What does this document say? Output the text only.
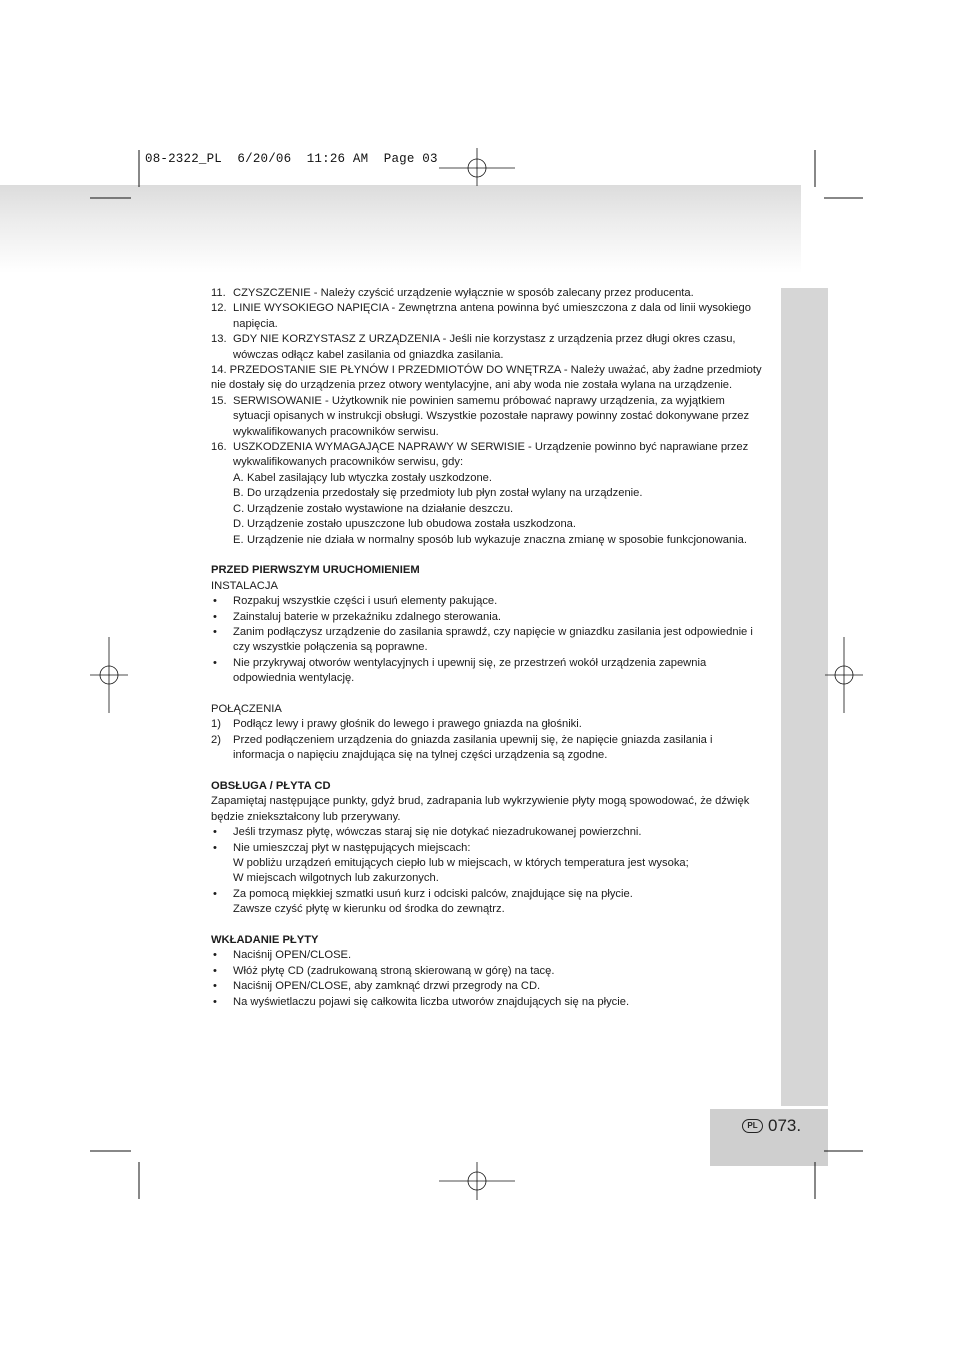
08-2322_PL  6/20/06  11:26 AM  Page 03
PL 073.
11. CZYSZCZENIE - Należy czyścić urządzenie wyłącznie w sposób zalecany przez producenta.
12. LINIE WYSOKIEGO NAPIĘCIA - Zewnętrzna antena powinna być umieszczona z dala od linii wysokiego napięcia.
13. GDY NIE KORZYSTASZ Z URZĄDZENIA - Jeśli nie korzystasz z urządzenia przez długi okres czasu, wówczas odłącz kabel zasilania od gniazdka zasilania.

14. PRZEDOSTANIE SIE PŁYNÓW I PRZEDMIOTÓW DO WNĘTRZA - Należy uważać, aby żadne przedmioty nie dostały się do urządzenia przez otwory wentylacyjne, ani aby woda nie została wylana na urządzenie.

15. SERWISOWANIE - Użytkownik nie powinien samemu próbować naprawy urządzenia, za wyjątkiem sytuacji opisanych w instrukcji obsługi. Wszystkie pozostałe naprawy powinny zostać dokonywane przez wykwalifikowanych pracowników serwisu.
16. USZKODZENIA WYMAGAJĄCE NAPRAWY W SERWISIE - Urządzenie powinno być naprawiane przez wykwalifikowanych pracowników serwisu, gdy:
A. Kabel zasilający lub wtyczka zostały uszkodzone.
B. Do urządzenia przedostały się przedmioty lub płyn został wylany na urządzenie.
C. Urządzenie zostało wystawione na działanie deszczu.
D. Urządzenie zostało upuszczone lub obudowa została uszkodzona.
E. Urządzenie nie działa w normalny sposób lub wykazuje znaczna zmianę w sposobie funkcjonowania.

PRZED PIERWSZYM URUCHOMIENIEM

INSTALACJA

•	Rozpakuj wszystkie części i usuń elementy pakujące.
•	Zainstaluj baterie w przekaźniku zdalnego sterowania.
•	Zanim podłączysz urządzenie do zasilania sprawdź, czy napięcie w gniazdku zasilania jest odpowiednie i czy wszystkie połączenia są poprawne.
•	Nie przykrywaj otworów wentylacyjnych i upewnij się, ze przestrzeń wokół urządzenia zapewnia odpowiednia wentylację.

POŁĄCZENIA

1)	Podłącz lewy i prawy głośnik do lewego i prawego gniazda na głośniki.
2)	Przed podłączeniem urządzenia do gniazda zasilania upewnij się, że napięcie gniazda zasilania i informacja o napięciu znajdująca się na tylnej części urządzenia są zgodne.

OBSŁUGA / PŁYTA CD

Zapamiętaj następujące punkty, gdyż brud, zadrapania lub wykrzywienie płyty mogą spowodować, że dźwięk będzie zniekształcony lub przerywany.

•	Jeśli trzymasz płytę, wówczas staraj się nie dotykać niezadrukowanej powierzchni.
•	Nie umieszczaj płyt w następujących miejscach:
W pobliżu urządzeń emitujących ciepło lub w miejscach, w których temperatura jest wysoka;
W miejscach wilgotnych lub zakurzonych.
•	Za pomocą miękkiej szmatki usuń kurz i odciski palców, znajdujące się na płycie.
Zawsze czyść płytę w kierunku od środka do zewnątrz.

WKŁADANIE PŁYTY

•	Naciśnij OPEN/CLOSE.
•	Włóż płytę CD (zadrukowaną stroną skierowaną w górę) na tacę.
•	Naciśnij OPEN/CLOSE, aby zamknąć drzwi przegrody na CD.
•	Na wyświetlaczu pojawi się całkowita liczba utworów znajdujących się na płycie.
